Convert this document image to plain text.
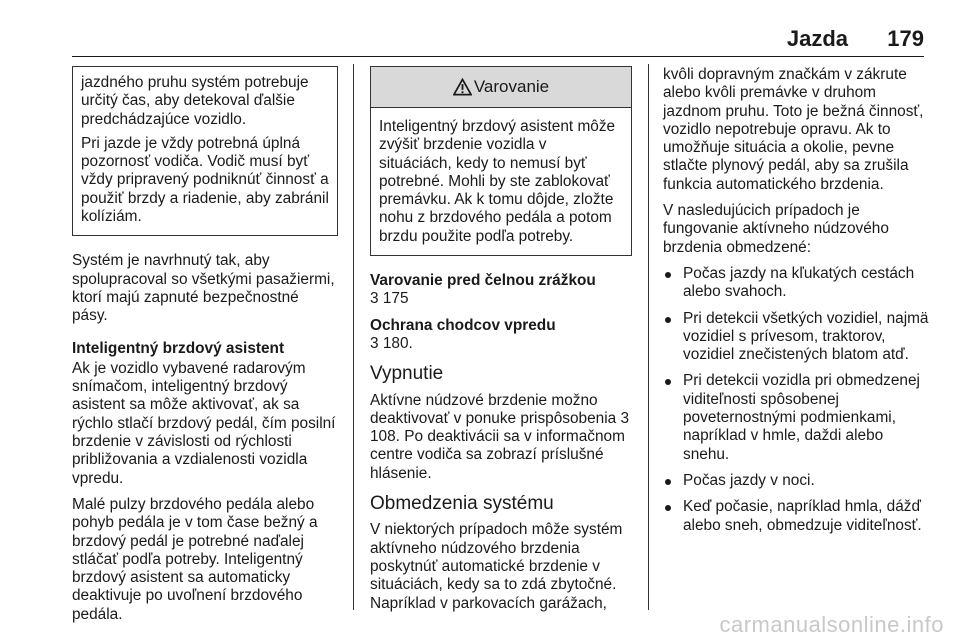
Jazda 179

jazdného pruhu systém potrebuje určitý čas, aby detekoval ďalšie predchádzajúce vozidlo.

Pri jazde je vždy potrebná úplná pozornosť vodiča. Vodič musí byť vždy pripravený podniknúť činnosť a použiť brzdy a riadenie, aby zabránil kolíziám.

Systém je navrhnutý tak, aby spolupracoval so všetkými pasažiermi, ktorí majú zapnuté bezpečnostné pásy.

Inteligentný brzdový asistent

Ak je vozidlo vybavené radarovým snímačom, inteligentný brzdový asistent sa môže aktivovať, ak sa rýchlo stlačí brzdový pedál, čím posilní brzdenie v závislosti od rýchlosti približovania a vzdialenosti vozidla vpredu.

Malé pulzy brzdového pedála alebo pohyb pedála je v tom čase bežný a brzdový pedál je potrebné naďalej stláčať podľa potreby. Inteligentný brzdový asistent sa automaticky deaktivuje po uvoľnení brzdového pedála.

Varovanie
Inteligentný brzdový asistent môže zvýšiť brzdenie vozidla v situáciách, kedy to nemusí byť potrebné. Mohli by ste zablokovať premávku. Ak k tomu dôjde, zložte nohu z brzdového pedála a potom brzdu použite podľa potreby.

Varovanie pred čelnou zrážkou

3 175

Ochrana chodcov vpredu

3 180.

Vypnutie

Aktívne núdzové brzdenie možno deaktivovať v ponuke prispôsobenia 3 108. Po deaktivácii sa v informačnom centre vodiča sa zobrazí príslušné hlásenie.

Obmedzenia systému

V niektorých prípadoch môže systém aktívneho núdzového brzdenia poskytnúť automatické brzdenie v situáciách, kedy sa to zdá zbytočné. Napríklad v parkovacích garážach,

kvôli dopravným značkám v zákrute alebo kvôli premávke v druhom jazdnom pruhu. Toto je bežná činnosť, vozidlo nepotrebuje opravu. Ak to umožňuje situácia a okolie, pevne stlačte plynový pedál, aby sa zrušila funkcia automatického brzdenia.

V nasledujúcich prípadoch je fungovanie aktívneho núdzového brzdenia obmedzené:

Počas jazdy na kľukatých cestách alebo svahoch.
Pri detekcii všetkých vozidiel, najmä vozidiel s prívesom, traktorov, vozidiel znečistených blatom atď.
Pri detekcii vozidla pri obmedzenej viditeľnosti spôsobenej poveternostnými podmienkami, napríklad v hmle, daždi alebo snehu.
Počas jazdy v noci.
Keď počasie, napríklad hmla, dážď alebo sneh, obmedzuje viditeľnosť.
carmanualsonline.info
